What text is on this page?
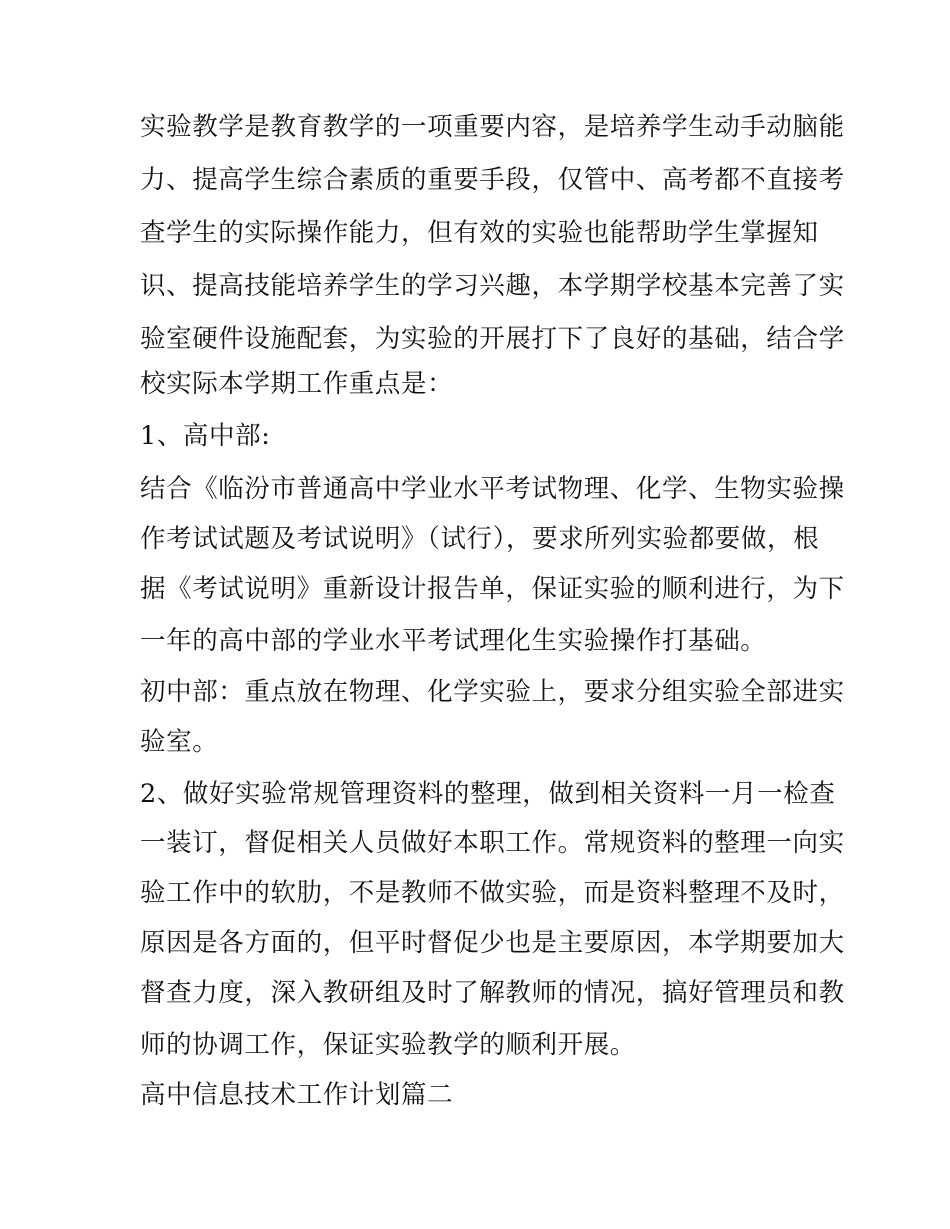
实验教学是教育教学的一项重要内容，是培养学生动手动脑能
力、提高学生综合素质的重要手段，仅管中、高考都不直接考
查学生的实际操作能力，但有效的实验也能帮助学生掌握知
识、提高技能培养学生的学习兴趣，本学期学校基本完善了实
验室硬件设施配套，为实验的开展打下了良好的基础，结合学
校实际本学期工作重点是：
1、高中部:
结合《临汾市普通高中学业水平考试物理、化学、生物实验操
作考试试题及考试说明》（试行），要求所列实验都要做，根
据《考试说明》重新设计报告单，保证实验的顺利进行，为下
一年的高中部的学业水平考试理化生实验操作打基础。
初中部：重点放在物理、化学实验上，要求分组实验全部进实
验室。
2、做好实验常规管理资料的整理，做到相关资料一月一检查
一装订，督促相关人员做好本职工作。常规资料的整理一向实
验工作中的软肋，不是教师不做实验，而是资料整理不及时，
原因是各方面的，但平时督促少也是主要原因，本学期要加大
督查力度，深入教研组及时了解教师的情况，搞好管理员和教
师的协调工作，保证实验教学的顺利开展。
高中信息技术工作计划篇二
